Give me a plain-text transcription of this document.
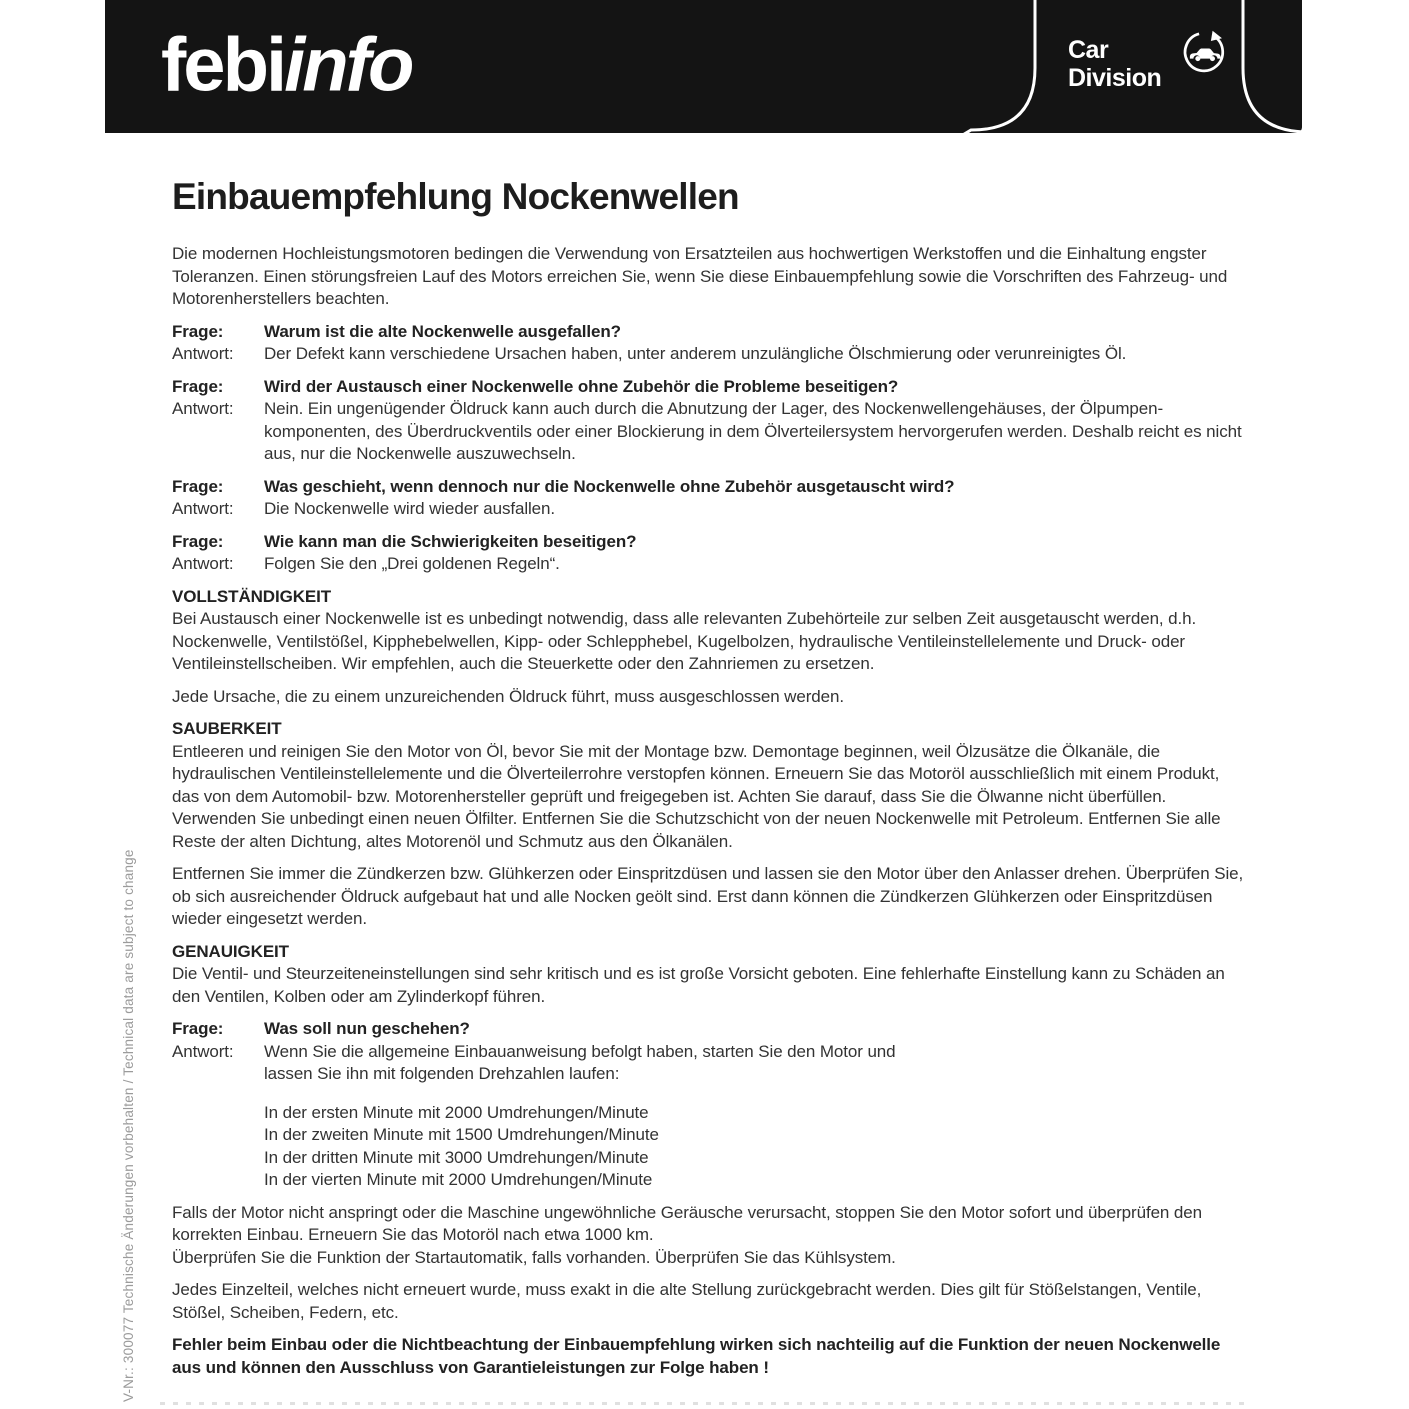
febiinfo	Car
Division
Einbauempfehlung Nockenwellen

Die modernen Hochleistungsmotoren bedingen die Verwendung von Ersatzteilen aus hochwertigen Werkstoffen und die Einhaltung engster Toleranzen. Einen störungsfreien Lauf des Motors erreichen Sie, wenn Sie diese Einbauempfehlung sowie die Vorschriften des Fahrzeug- und Motorenherstellers beachten.

Frage:	Warum ist die alte Nockenwelle ausgefallen?
Antwort:	Der Defekt kann verschiedene Ursachen haben, unter anderem unzulängliche Ölschmierung oder verunreinigtes Öl.
Frage:	Wird der Austausch einer Nockenwelle ohne Zubehör die Probleme beseitigen?
Antwort:	Nein. Ein ungenügender Öldruck kann auch durch die Abnutzung der Lager, des Nockenwellengehäuses, der Ölpumpenkomponenten, des Überdruckventils oder einer Blockierung in dem Ölverteilersystem hervorgerufen werden. Deshalb reicht es nicht aus, nur die Nockenwelle auszuwechseln.
Frage:	Was geschieht, wenn dennoch nur die Nockenwelle ohne Zubehör ausgetauscht wird?
Antwort:	Die Nockenwelle wird wieder ausfallen.
Frage:	Wie kann man die Schwierigkeiten beseitigen?
Antwort:	Folgen Sie den „Drei goldenen Regeln“.
VOLLSTÄNDIGKEIT
Bei Austausch einer Nockenwelle ist es unbedingt notwendig, dass alle relevanten Zubehörteile zur selben Zeit ausgetauscht werden, d.h. Nockenwelle, Ventilstößel, Kipphebelwellen, Kipp- oder Schlepphebel, Kugelbolzen, hydraulische Ventileinstellelemente und Druck- oder Ventileinstellscheiben. Wir empfehlen, auch die Steuerkette oder den Zahnriemen zu ersetzen.

Jede Ursache, die zu einem unzureichenden Öldruck führt, muss ausgeschlossen werden.

SAUBERKEIT
Entleeren und reinigen Sie den Motor von Öl, bevor Sie mit der Montage bzw. Demontage beginnen, weil Ölzusätze die Ölkanäle, die hydraulischen Ventileinstellelemente und die Ölverteilerrohre verstopfen können. Erneuern Sie das Motoröl ausschließlich mit einem Produkt, das von dem Automobil- bzw. Motorenhersteller geprüft und freigegeben ist. Achten Sie darauf, dass Sie die Ölwanne nicht überfüllen. Verwenden Sie unbedingt einen neuen Ölfilter. Entfernen Sie die Schutzschicht von der neuen Nockenwelle mit Petroleum. Entfernen Sie alle Reste der alten Dichtung, altes Motorenöl und Schmutz aus den Ölkanälen.

Entfernen Sie immer die Zündkerzen bzw. Glühkerzen oder Einspritzdüsen und lassen sie den Motor über den Anlasser drehen. Überprüfen Sie, ob sich ausreichender Öldruck aufgebaut hat und alle Nocken geölt sind. Erst dann können die Zündkerzen Glühkerzen oder Einspritzdüsen wieder eingesetzt werden.

GENAUIGKEIT
Die Ventil- und Steurzeiteneinstellungen sind sehr kritisch und es ist große Vorsicht geboten. Eine fehlerhafte Einstellung kann zu Schäden an den Ventilen, Kolben oder am Zylinderkopf führen.
Frage:	Was soll nun geschehen?
Antwort:	Wenn Sie die allgemeine Einbauanweisung befolgt haben, starten Sie den Motor und
lassen Sie ihn mit folgenden Drehzahlen laufen:
In der ersten Minute mit 2000 Umdrehungen/Minute
In der zweiten Minute mit 1500 Umdrehungen/Minute
In der dritten Minute mit 3000 Umdrehungen/Minute
In der vierten Minute mit 2000 Umdrehungen/Minute
Falls der Motor nicht anspringt oder die Maschine ungewöhnliche Geräusche verursacht, stoppen Sie den Motor sofort und überprüfen den korrekten Einbau. Erneuern Sie das Motoröl nach etwa 1000 km.
Überprüfen Sie die Funktion der Startautomatik, falls vorhanden. Überprüfen Sie das Kühlsystem.

Jedes Einzelteil, welches nicht erneuert wurde, muss exakt in die alte Stellung zurückgebracht werden. Dies gilt für Stößelstangen, Ventile, Stößel, Scheiben, Federn, etc.

Fehler beim Einbau oder die Nichtbeachtung der Einbauempfehlung wirken sich nachteilig auf die Funktion der neuen Nockenwelle aus und können den Ausschluss von Garantieleistungen zur Folge haben !

V-Nr.: 300077 Technische Änderungen vorbehalten / Technical data are subject to change
